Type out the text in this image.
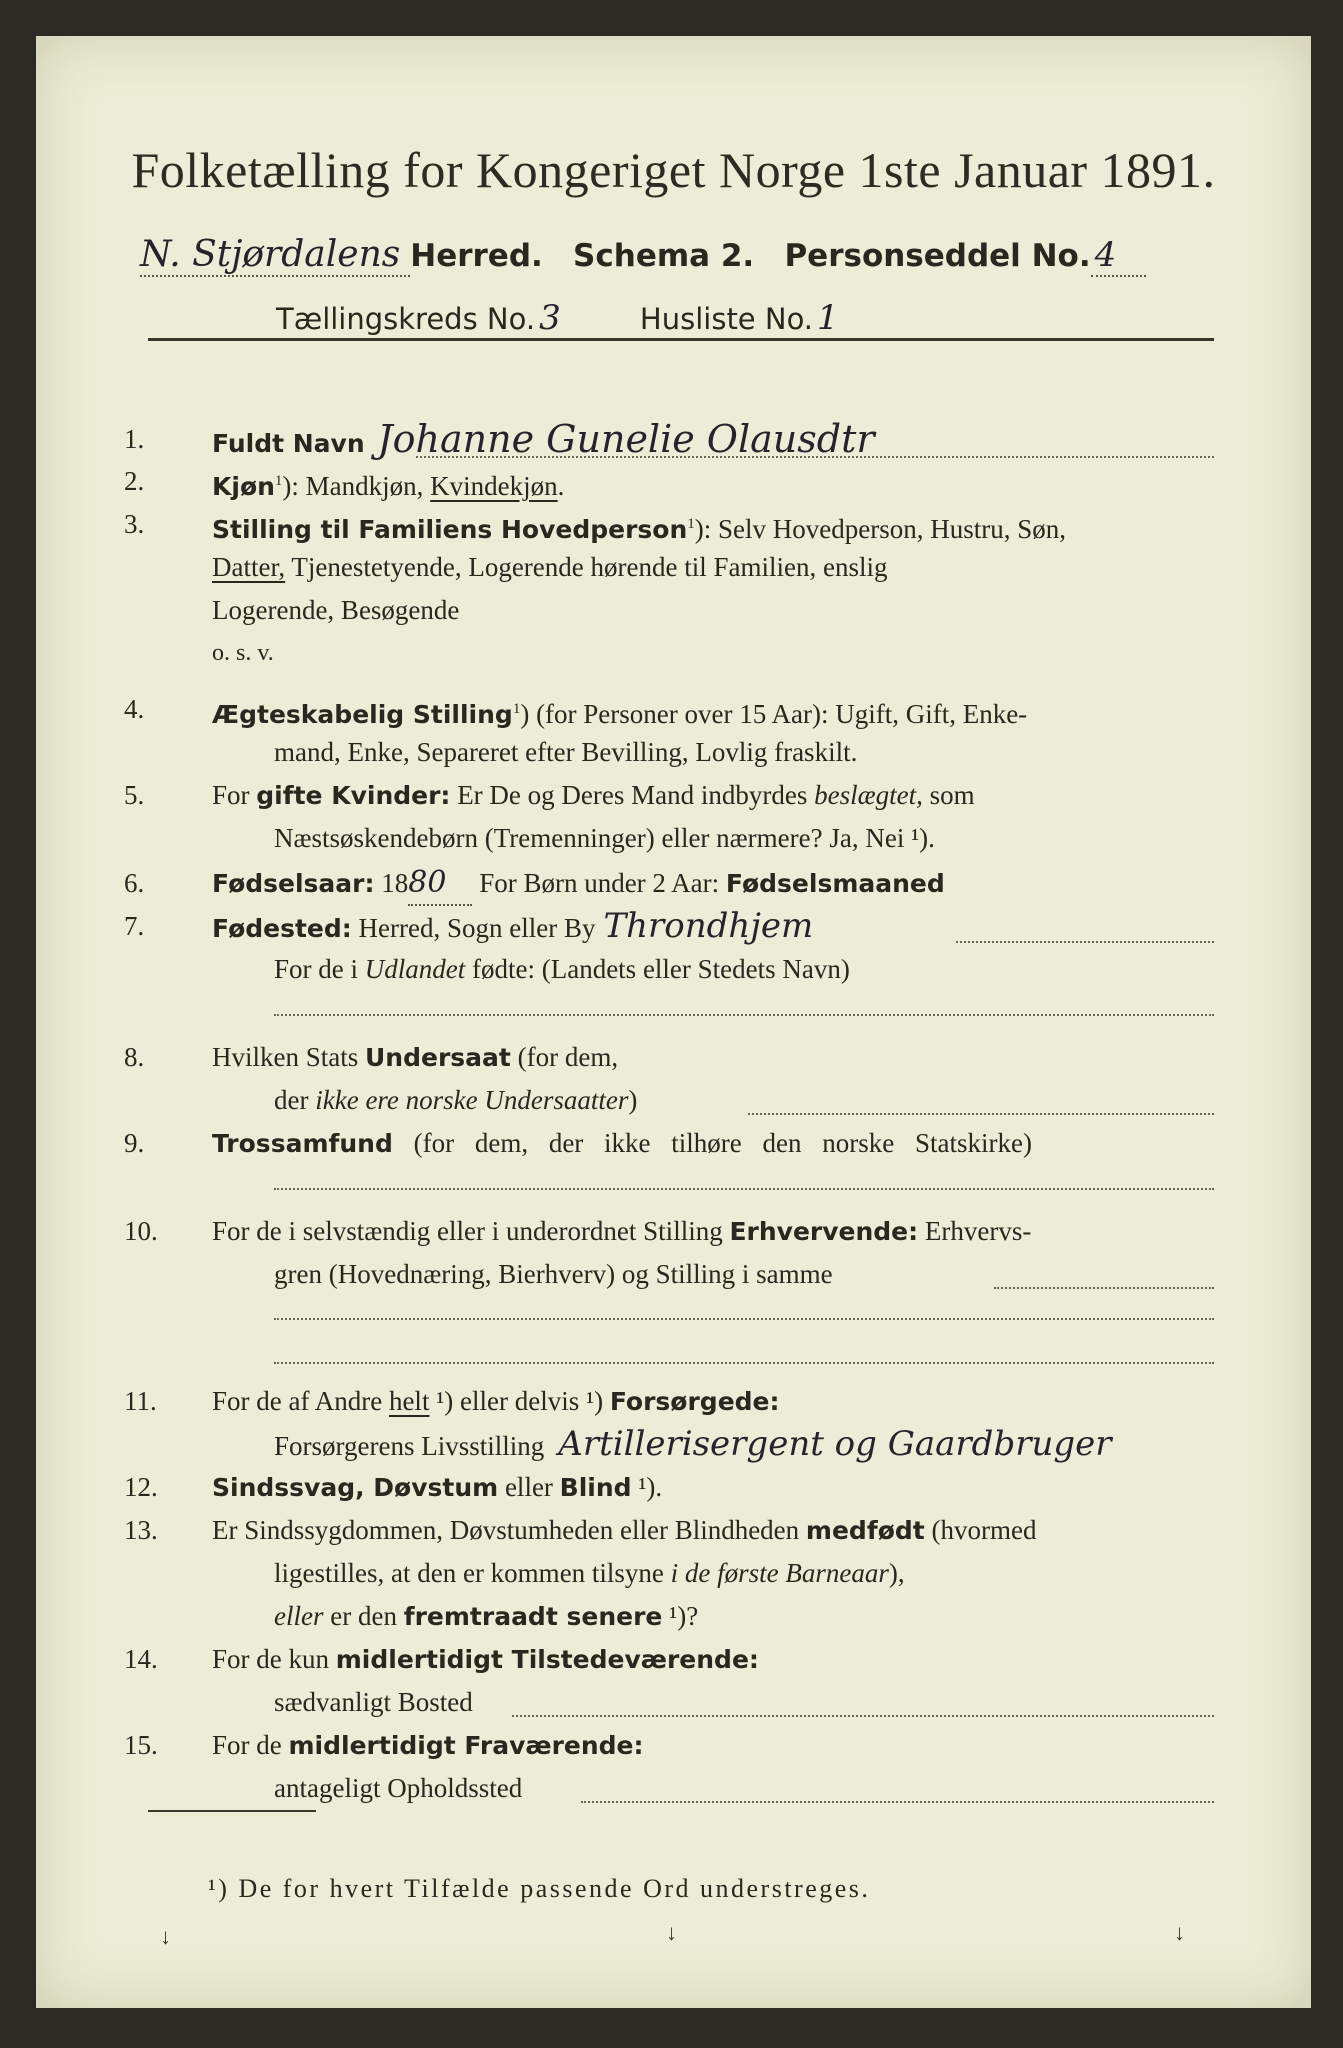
Folketælling for Kongeriget Norge 1ste Januar 1891.
N. Stjørdalens Herred. Schema 2. Personseddel No. 4
Tællingskreds No. 3	Husliste No. 1
1.	Fuldt Navn Johanne Gunelie Olausdtr
2.	Kjøn$^1$): Mandkjøn, Kvindekjøn.
3.	Stilling til Familiens Hovedperson$^1$): Selv Hovedperson, Hustru, Søn,
Datter, Tjenestetyende, Logerende hørende til Familien, enslig
Logerende, Besøgende
o. s. v.
4.	Ægteskabelig Stilling$^1$) (for Personer over 15 Aar): Ugift, Gift, Enke-
mand, Enke, Separeret efter Bevilling, Lovlig fraskilt.
5.	For gifte Kvinder: Er De og Deres Mand indbyrdes beslægtet, som
Næstsøskendebørn (Tremenninger) eller nærmere? Ja, Nei ¹).
6.	Fødselsaar: 1880 For Børn under 2 Aar: Fødselsmaaned
7.	Fødested: Herred, Sogn eller By Throndhjem
For de i Udlandet fødte: (Landets eller Stedets Navn)
8.	Hvilken Stats Undersaat (for dem,
der ikke ere norske Undersaatter)
9.	Trossamfund (for dem, der ikke tilhøre den norske Statskirke)
10.	For de i selvstændig eller i underordnet Stilling Erhvervende: Erhvervs-
gren (Hovednæring, Bierhverv) og Stilling i samme
11.	For de af Andre helt ¹) eller delvis ¹) Forsørgede:
Forsørgerens Livsstilling Artillerisergent og Gaardbruger
12.	Sindssvag, Døvstum eller Blind ¹).
13.	Er Sindssygdommen, Døvstumheden eller Blindheden medfødt (hvormed
ligestilles, at den er kommen tilsyne i de første Barneaar),
eller er den fremtraadt senere ¹)?
14.	For de kun midlertidigt Tilstedeværende:
sædvanligt Bosted
15.	For de midlertidigt Fraværende:
antageligt Opholdssted
¹) De for hvert Tilfælde passende Ord understreges.
↓	↓	↓
